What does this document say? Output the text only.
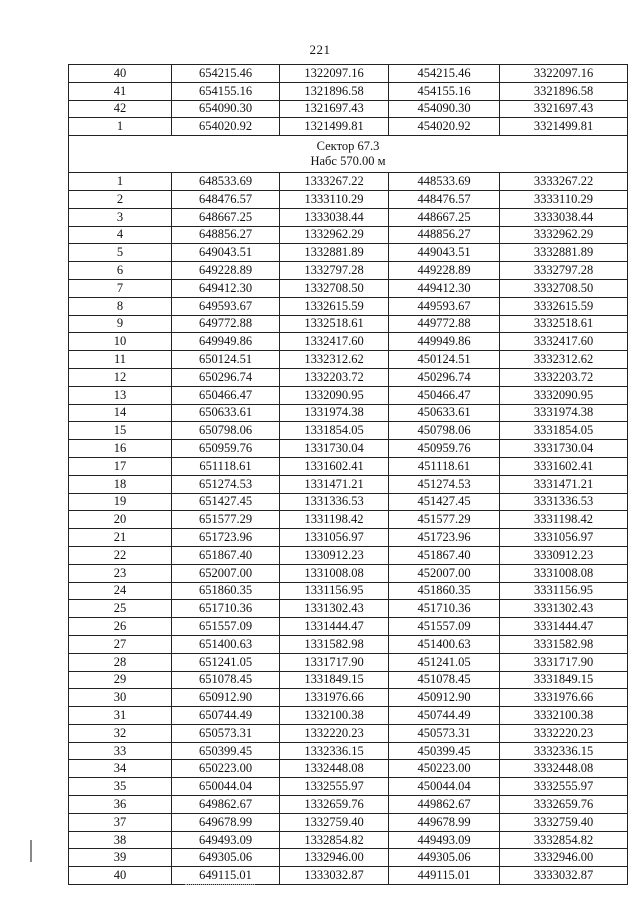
221
40	654215.46	1322097.16	454215.46	3322097.16
41	654155.16	1321896.58	454155.16	3321896.58
42	654090.30	1321697.43	454090.30	3321697.43
1	654020.92	1321499.81	454020.92	3321499.81

Сектор 67.3
Нaбс 570.00 м				

1	648533.69	1333267.22	448533.69	3333267.22
2	648476.57	1333110.29	448476.57	3333110.29
3	648667.25	1333038.44	448667.25	3333038.44
4	648856.27	1332962.29	448856.27	3332962.29
5	649043.51	1332881.89	449043.51	3332881.89
6	649228.89	1332797.28	449228.89	3332797.28
7	649412.30	1332708.50	449412.30	3332708.50
8	649593.67	1332615.59	449593.67	3332615.59
9	649772.88	1332518.61	449772.88	3332518.61
10	649949.86	1332417.60	449949.86	3332417.60
11	650124.51	1332312.62	450124.51	3332312.62
12	650296.74	1332203.72	450296.74	3332203.72
13	650466.47	1332090.95	450466.47	3332090.95
14	650633.61	1331974.38	450633.61	3331974.38
15	650798.06	1331854.05	450798.06	3331854.05
16	650959.76	1331730.04	450959.76	3331730.04
17	651118.61	1331602.41	451118.61	3331602.41
18	651274.53	1331471.21	451274.53	3331471.21
19	651427.45	1331336.53	451427.45	3331336.53
20	651577.29	1331198.42	451577.29	3331198.42
21	651723.96	1331056.97	451723.96	3331056.97
22	651867.40	1330912.23	451867.40	3330912.23
23	652007.00	1331008.08	452007.00	3331008.08
24	651860.35	1331156.95	451860.35	3331156.95
25	651710.36	1331302.43	451710.36	3331302.43
26	651557.09	1331444.47	451557.09	3331444.47
27	651400.63	1331582.98	451400.63	3331582.98
28	651241.05	1331717.90	451241.05	3331717.90
29	651078.45	1331849.15	451078.45	3331849.15
30	650912.90	1331976.66	450912.90	3331976.66
31	650744.49	1332100.38	450744.49	3332100.38
32	650573.31	1332220.23	450573.31	3332220.23
33	650399.45	1332336.15	450399.45	3332336.15
34	650223.00	1332448.08	450223.00	3332448.08
35	650044.04	1332555.97	450044.04	3332555.97
36	649862.67	1332659.76	449862.67	3332659.76
37	649678.99	1332759.40	449678.99	3332759.40
38	649493.09	1332854.82	449493.09	3332854.82
39	649305.06	1332946.00	449305.06	3332946.00
40	649115.01	1333032.87	449115.01	3333032.87
